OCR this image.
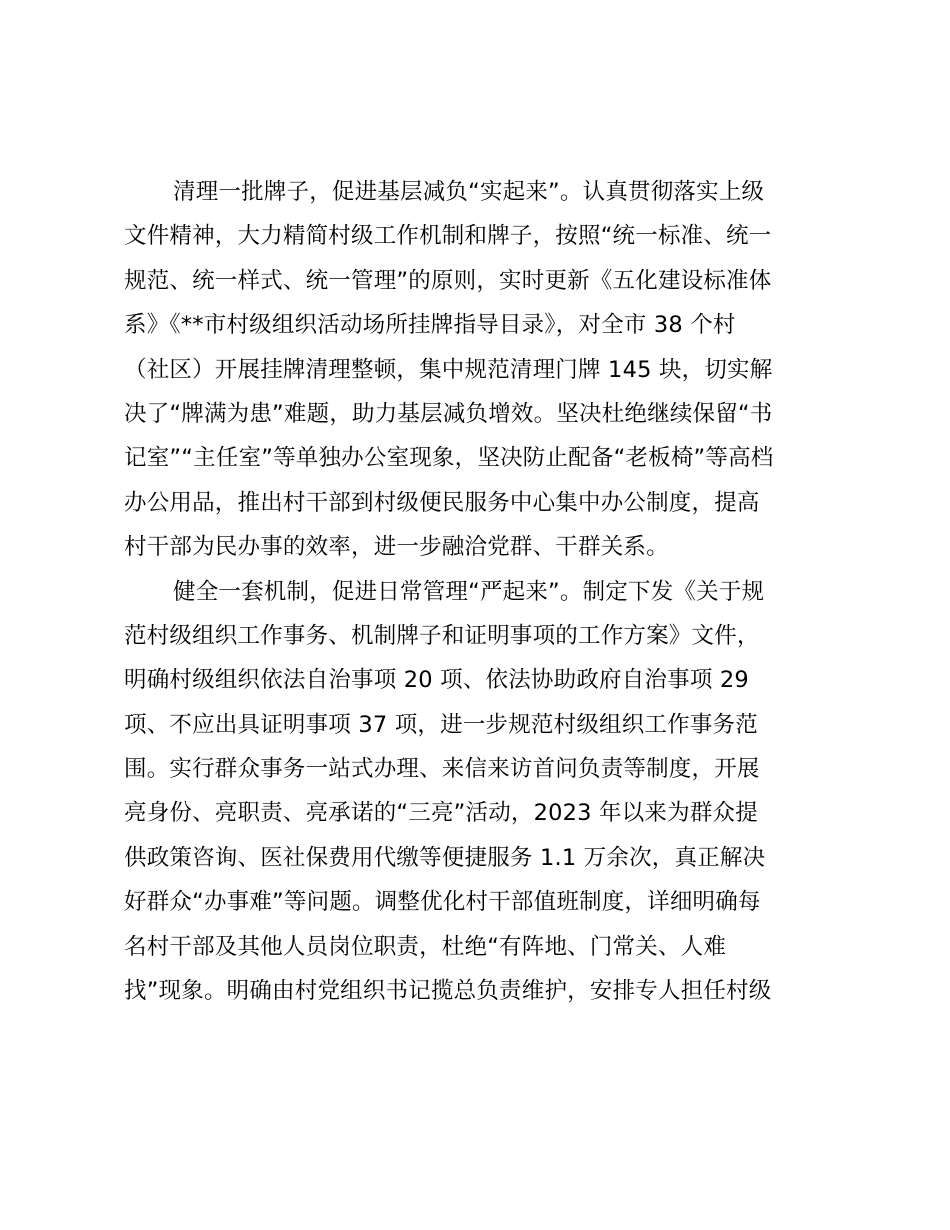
清理一批牌子，促进基层减负“实起来”。认真贯彻落实上级
文件精神，大力精简村级工作机制和牌子，按照“统一标准、统一
规范、统一样式、统一管理”的原则，实时更新《五化建设标准体
系》《**市村级组织活动场所挂牌指导目录》，对全市 38 个村
（社区）开展挂牌清理整顿，集中规范清理门牌 145 块，切实解
决了“牌满为患”难题，助力基层减负增效。坚决杜绝继续保留“书
记室”“主任室”等单独办公室现象，坚决防止配备“老板椅”等高档
办公用品，推出村干部到村级便民服务中心集中办公制度，提高
村干部为民办事的效率，进一步融洽党群、干群关系。
健全一套机制，促进日常管理“严起来”。制定下发《关于规
范村级组织工作事务、机制牌子和证明事项的工作方案》文件，
明确村级组织依法自治事项 20 项、依法协助政府自治事项 29
项、不应出具证明事项 37 项，进一步规范村级组织工作事务范
围。实行群众事务一站式办理、来信来访首问负责等制度，开展
亮身份、亮职责、亮承诺的“三亮”活动，2023 年以来为群众提
供政策咨询、医社保费用代缴等便捷服务 1.1 万余次，真正解决
好群众“办事难”等问题。调整优化村干部值班制度，详细明确每
名村干部及其他人员岗位职责，杜绝“有阵地、门常关、人难
找”现象。明确由村党组织书记揽总负责维护，安排专人担任村级
